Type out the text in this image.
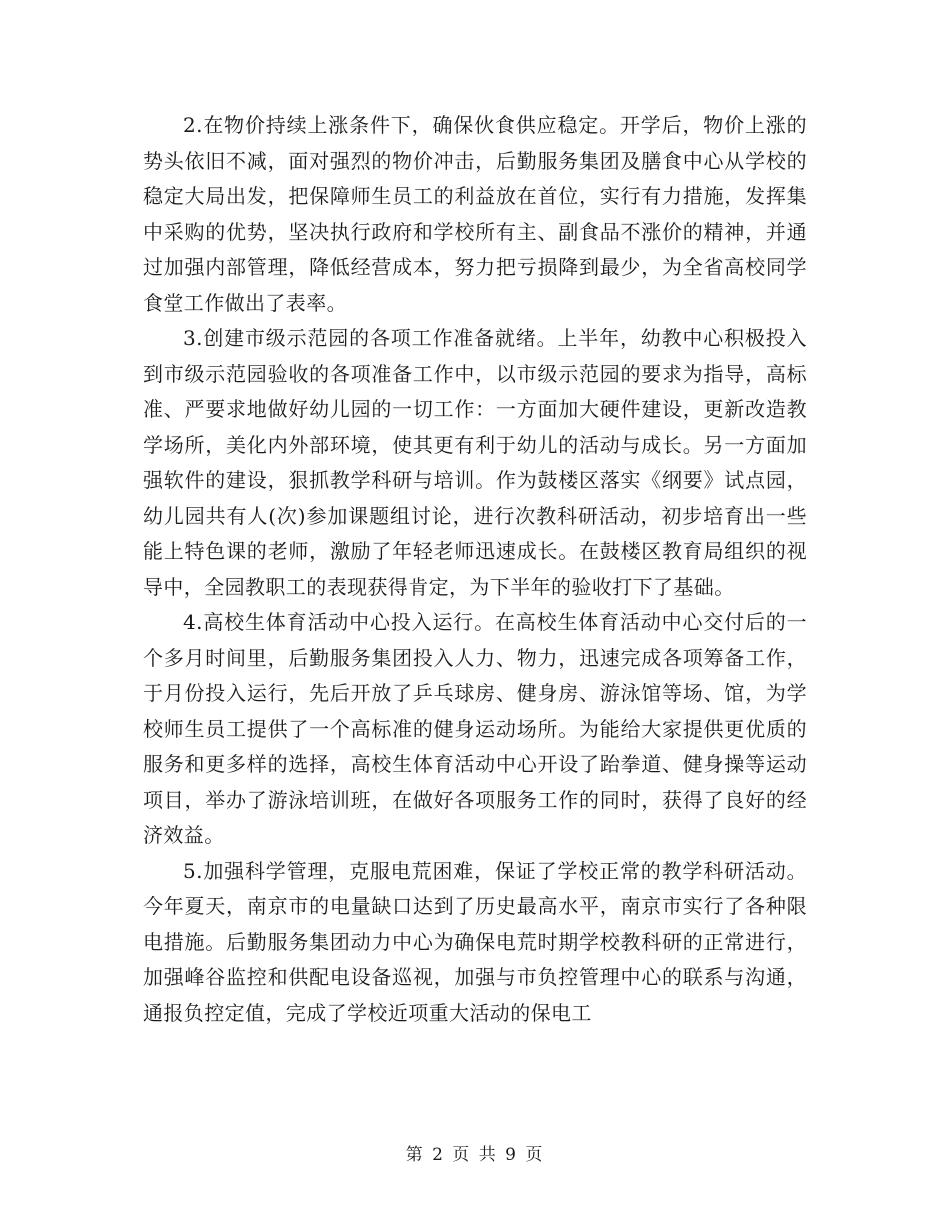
2.在物价持续上涨条件下，确保伙食供应稳定。开学后，物价上涨的势头依旧不减，面对强烈的物价冲击，后勤服务集团及膳食中心从学校的稳定大局出发，把保障师生员工的利益放在首位，实行有力措施，发挥集中采购的优势，坚决执行政府和学校所有主、副食品不涨价的精神，并通过加强内部管理，降低经营成本，努力把亏损降到最少，为全省高校同学食堂工作做出了表率。

3.创建市级示范园的各项工作准备就绪。上半年，幼教中心积极投入到市级示范园验收的各项准备工作中，以市级示范园的要求为指导，高标准、严要求地做好幼儿园的一切工作：一方面加大硬件建设，更新改造教学场所，美化内外部环境，使其更有利于幼儿的活动与成长。另一方面加强软件的建设，狠抓教学科研与培训。作为鼓楼区落实《纲要》试点园，幼儿园共有人(次)参加课题组讨论，进行次教科研活动，初步培育出一些能上特色课的老师，激励了年轻老师迅速成长。在鼓楼区教育局组织的视导中，全园教职工的表现获得肯定，为下半年的验收打下了基础。

4.高校生体育活动中心投入运行。在高校生体育活动中心交付后的一个多月时间里，后勤服务集团投入人力、物力，迅速完成各项筹备工作，于月份投入运行，先后开放了乒乓球房、健身房、游泳馆等场、馆，为学校师生员工提供了一个高标准的健身运动场所。为能给大家提供更优质的服务和更多样的选择，高校生体育活动中心开设了跆拳道、健身操等运动项目，举办了游泳培训班，在做好各项服务工作的同时，获得了良好的经济效益。

5.加强科学管理，克服电荒困难，保证了学校正常的教学科研活动。今年夏天，南京市的电量缺口达到了历史最高水平，南京市实行了各种限电措施。后勤服务集团动力中心为确保电荒时期学校教科研的正常进行，加强峰谷监控和供配电设备巡视，加强与市负控管理中心的联系与沟通，通报负控定值，完成了学校近项重大活动的保电工

第 2 页 共 9 页
